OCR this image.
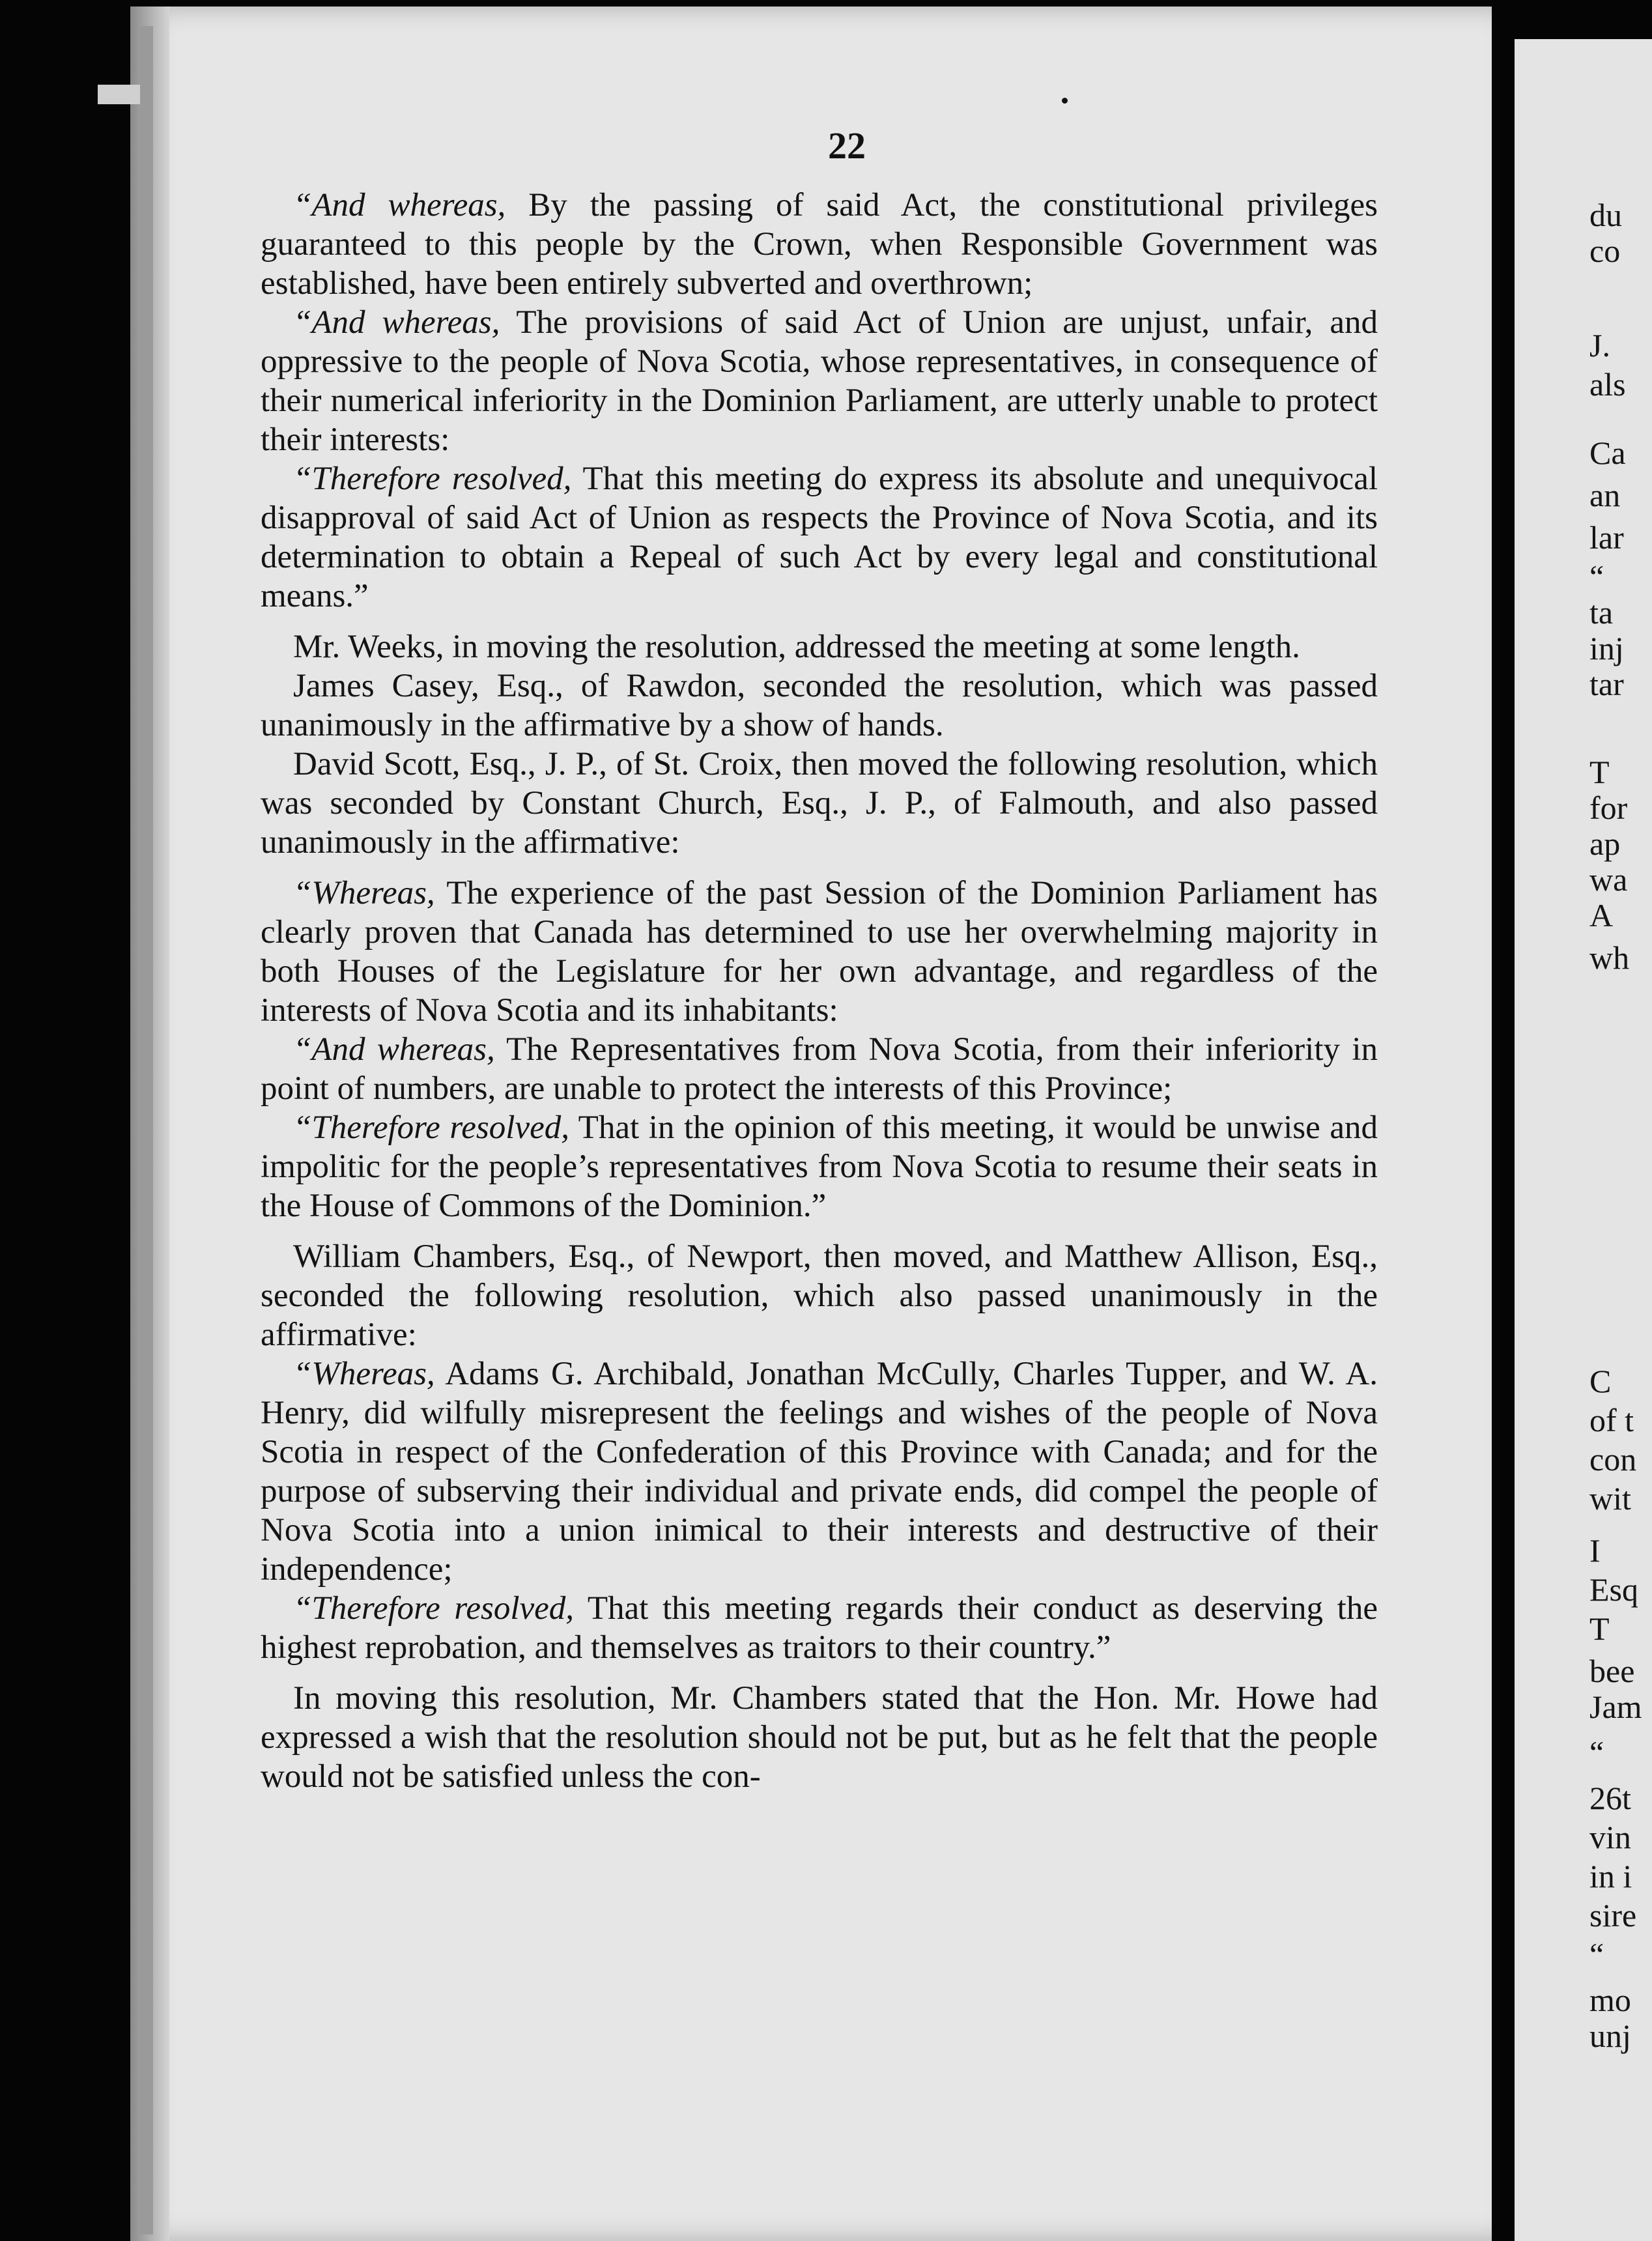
22

“And whereas, By the passing of said Act, the constitutional privileges guaranteed to this people by the Crown, when Responsible Government was established, have been entirely subverted and overthrown;

“And whereas, The provisions of said Act of Union are unjust, unfair, and oppressive to the people of Nova Scotia, whose representatives, in consequence of their numerical inferiority in the Dominion Parliament, are utterly unable to protect their interests:

“Therefore resolved, That this meeting do express its absolute and unequivocal disapproval of said Act of Union as respects the Province of Nova Scotia, and its determination to obtain a Repeal of such Act by every legal and constitutional means.”

Mr. Weeks, in moving the resolution, addressed the meeting at some length.

James Casey, Esq., of Rawdon, seconded the resolution, which was passed unanimously in the affirmative by a show of hands.

David Scott, Esq., J. P., of St. Croix, then moved the following resolution, which was seconded by Constant Church, Esq., J. P., of Falmouth, and also passed unanimously in the affirmative:

“Whereas, The experience of the past Session of the Dominion Parliament has clearly proven that Canada has determined to use her overwhelming majority in both Houses of the Legislature for her own advantage, and regardless of the interests of Nova Scotia and its inhabitants:

“And whereas, The Representatives from Nova Scotia, from their inferiority in point of numbers, are unable to protect the interests of this Province;

“Therefore resolved, That in the opinion of this meeting, it would be unwise and impolitic for the people’s representatives from Nova Scotia to resume their seats in the House of Commons of the Dominion.”

William Chambers, Esq., of Newport, then moved, and Matthew Allison, Esq., seconded the following resolution, which also passed unanimously in the affirmative:

“Whereas, Adams G. Archibald, Jonathan McCully, Charles Tupper, and W. A. Henry, did wilfully misrepresent the feelings and wishes of the people of Nova Scotia in respect of the Confederation of this Province with Canada; and for the purpose of subserving their individual and private ends, did compel the people of Nova Scotia into a union inimical to their interests and destructive of their independence;

“Therefore resolved, That this meeting regards their conduct as deserving the highest reprobation, and themselves as traitors to their country.”

In moving this resolution, Mr. Chambers stated that the Hon. Mr. Howe had expressed a wish that the resolution should not be put, but as he felt that the people would not be satisfied unless the con-

du
co
J.
als
Ca
an
lar
“
ta
inj
tar
T
for
ap
wa
A
wh
C
of t
con
wit
I
Esq
T
bee
Jam
“
26t
vin
in i
sire
“
mo
unj
